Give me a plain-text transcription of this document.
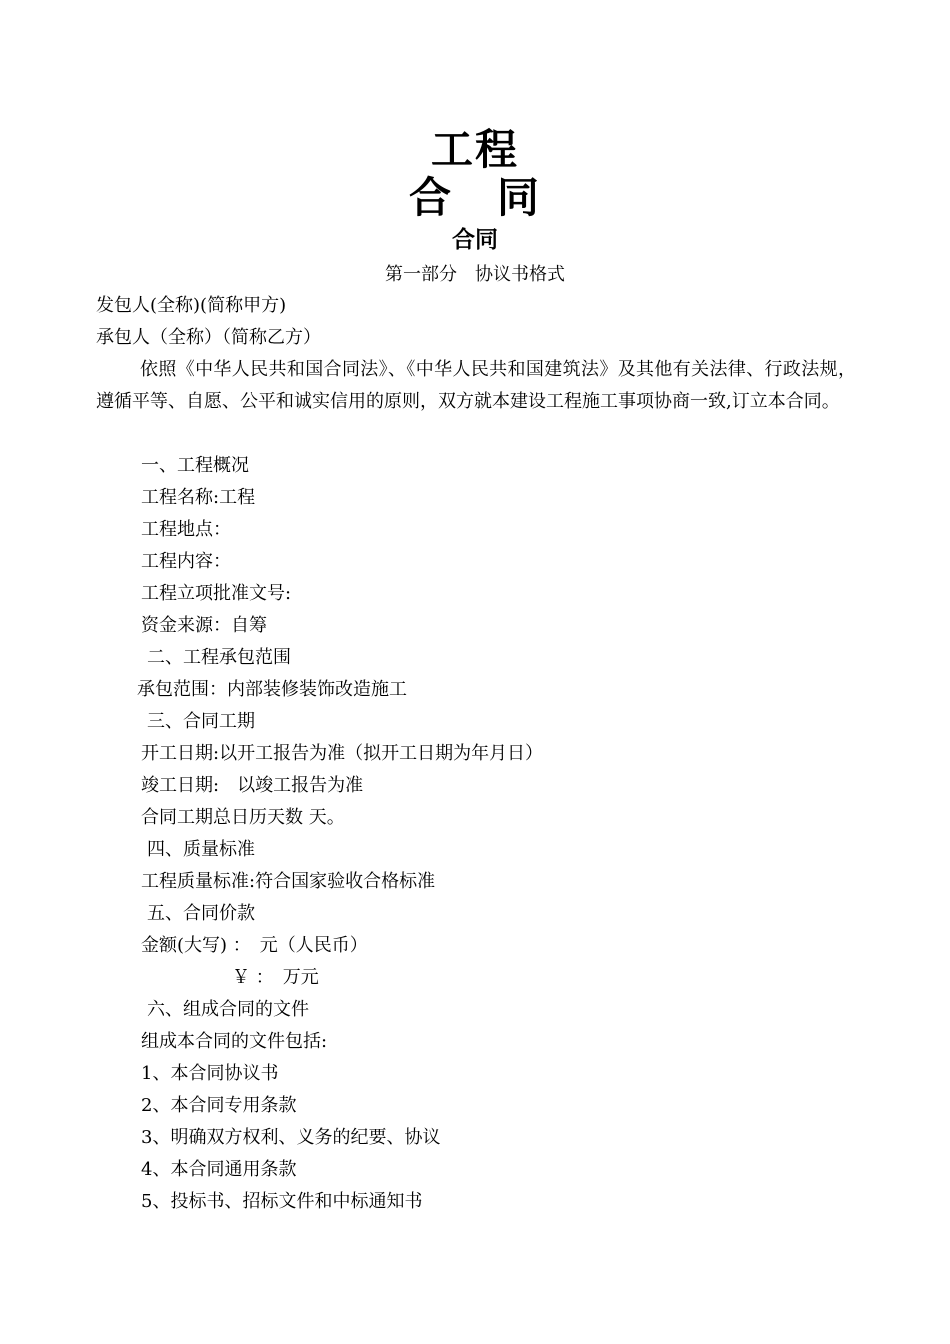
工程
合　同
合同
第一部分　协议书格式
发包人(全称)(简称甲方)
承包人（全称）（简称乙方）
依照《中华人民共和国合同法》、《中华人民共和国建筑法》及其他有关法律、行政法规，遵循平等、自愿、公平和诚实信用的原则，双方就本建设工程施工事项协商一致,订立本合同。
一、工程概况
工程名称:工程
工程地点：
工程内容：
工程立项批准文号:
资金来源：自筹
二、工程承包范围
承包范围：内部装修装饰改造施工
三、合同工期
开工日期:以开工报告为准（拟开工日期为年月日）
竣工日期:　以竣工报告为准
合同工期总日历天数 天。
四、质量标准
工程质量标准:符合国家验收合格标准
五、合同价款
金额(大写) ：　元（人民币）
￥ ：　万元
六、组成合同的文件
组成本合同的文件包括:
1、本合同协议书
2、本合同专用条款
3、明确双方权利、义务的纪要、协议
4、本合同通用条款
5、投标书、招标文件和中标通知书
